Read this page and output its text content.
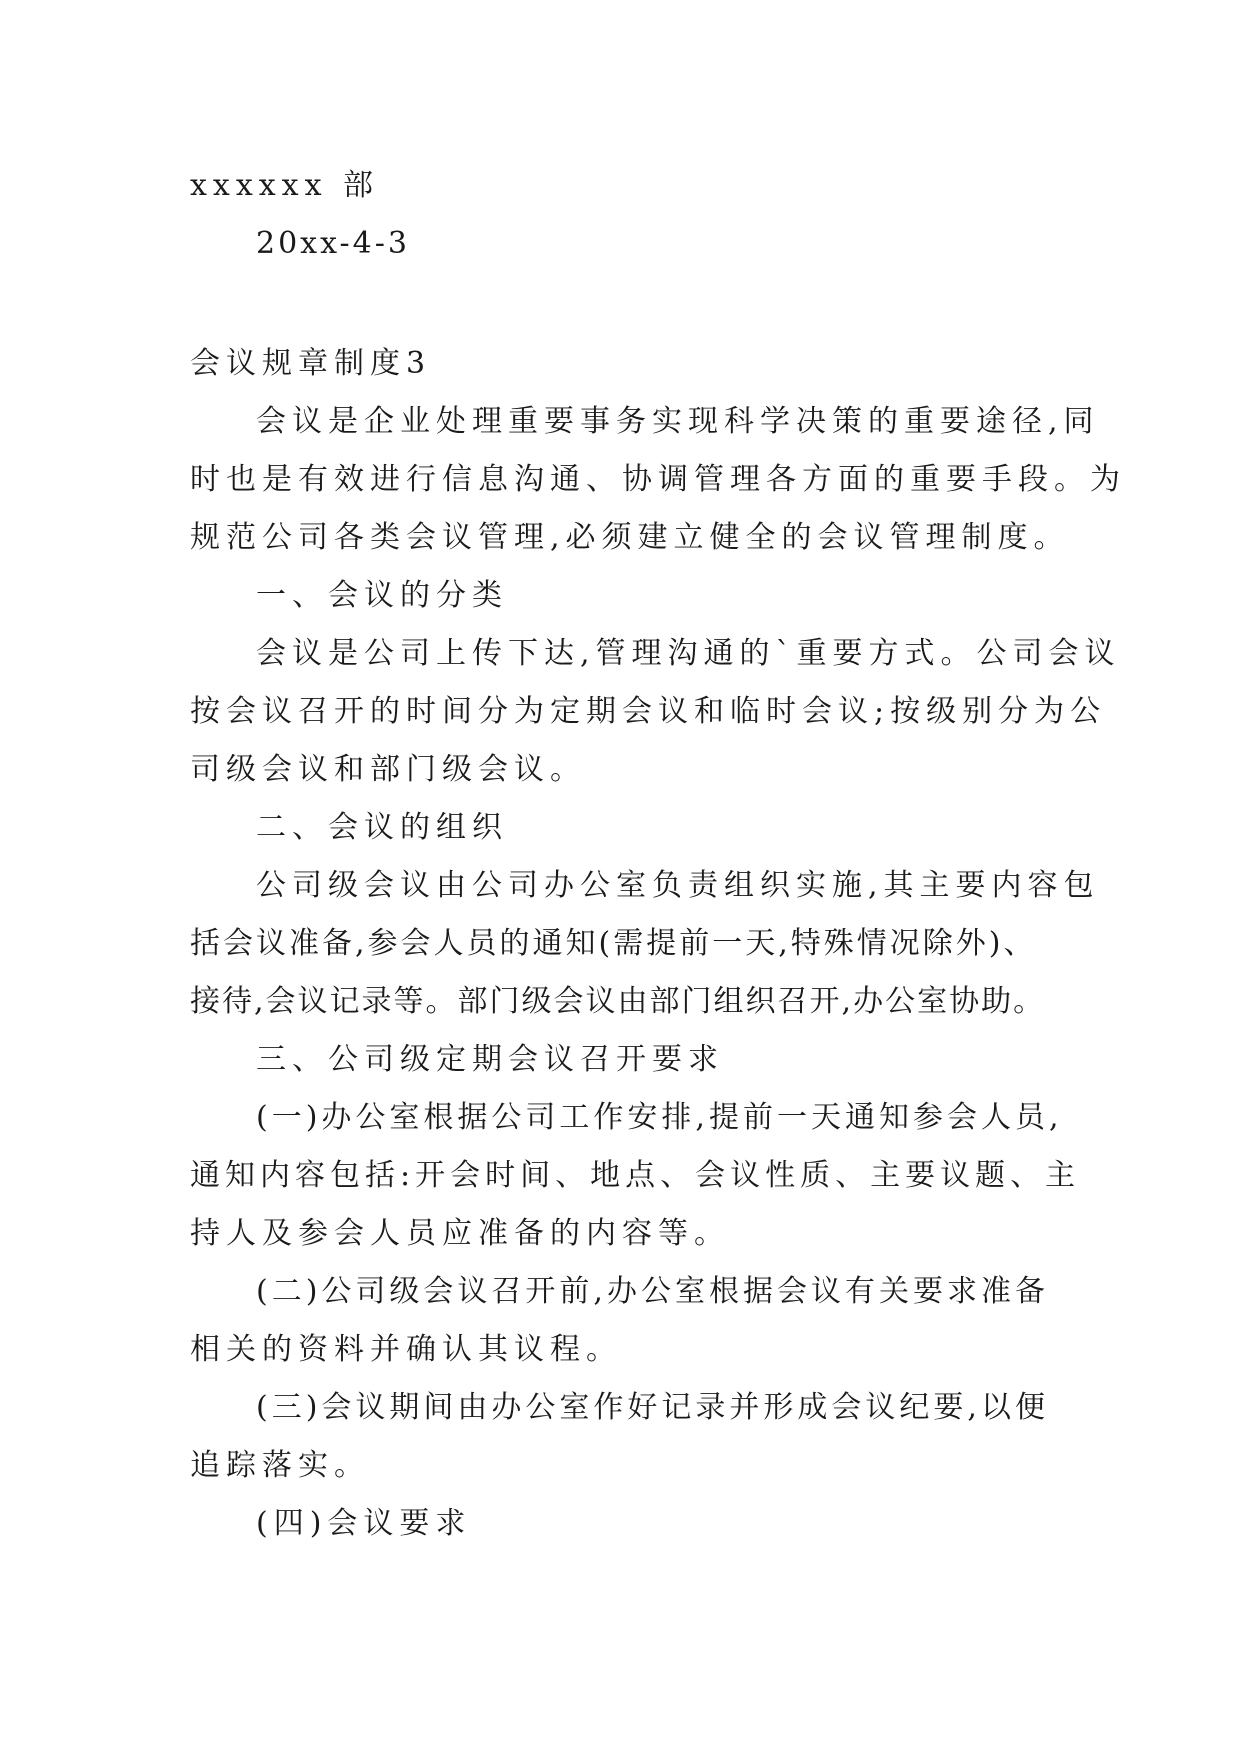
xxxxxx 部
20xx-4-3
会议规章制度3
会议是企业处理重要事务实现科学决策的重要途径,同
时也是有效进行信息沟通、协调管理各方面的重要手段。为
规范公司各类会议管理,必须建立健全的会议管理制度。
一、会议的分类
会议是公司上传下达,管理沟通的`重要方式。公司会议
按会议召开的时间分为定期会议和临时会议;按级别分为公
司级会议和部门级会议。
二、会议的组织
公司级会议由公司办公室负责组织实施,其主要内容包
括会议准备,参会人员的通知(需提前一天,特殊情况除外)、
接待,会议记录等。部门级会议由部门组织召开,办公室协助。
三、公司级定期会议召开要求
(一)办公室根据公司工作安排,提前一天通知参会人员,
通知内容包括:开会时间、地点、会议性质、主要议题、主
持人及参会人员应准备的内容等。
(二)公司级会议召开前,办公室根据会议有关要求准备
相关的资料并确认其议程。
(三)会议期间由办公室作好记录并形成会议纪要,以便
追踪落实。
(四)会议要求
